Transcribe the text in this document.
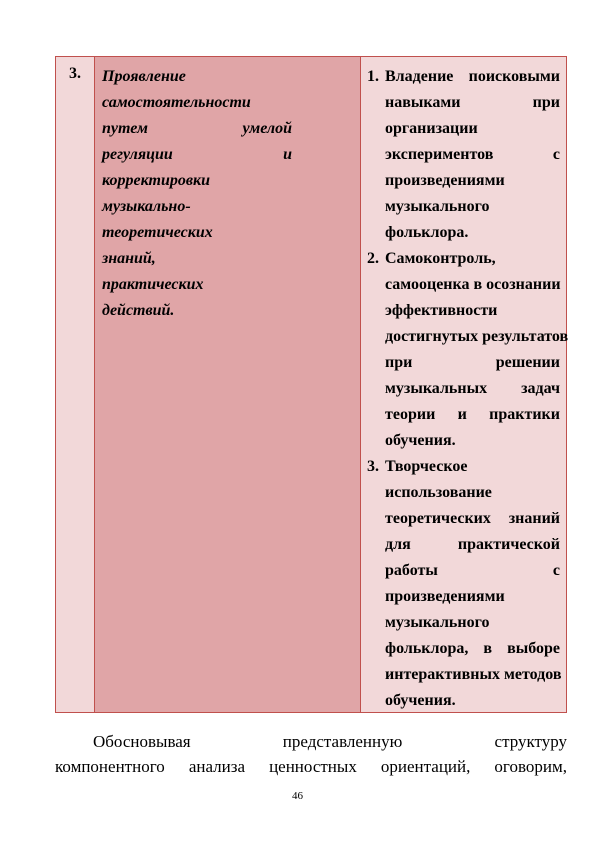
3.	Проявление
самостоятельности
путем умелой
регуляции и
корректировки
музыкально-
теоретических
знаний,
практических
действий.
1. Владение поисковыми
навыками при
организации
экспериментов с
произведениями
музыкального
фольклора.
2. Самоконтроль,
самооценка в осознании
эффективности
достигнутых результатов
при решении
музыкальных задач
теории и практики
обучения.
3. Творческое
использование
теоретических знаний
для практической
работы с
произведениями
музыкального
фольклора, в выборе
интерактивных методов
обучения.
Обосновывая представленную структуру
компонентного анализа ценностных ориентаций, оговорим,
46
